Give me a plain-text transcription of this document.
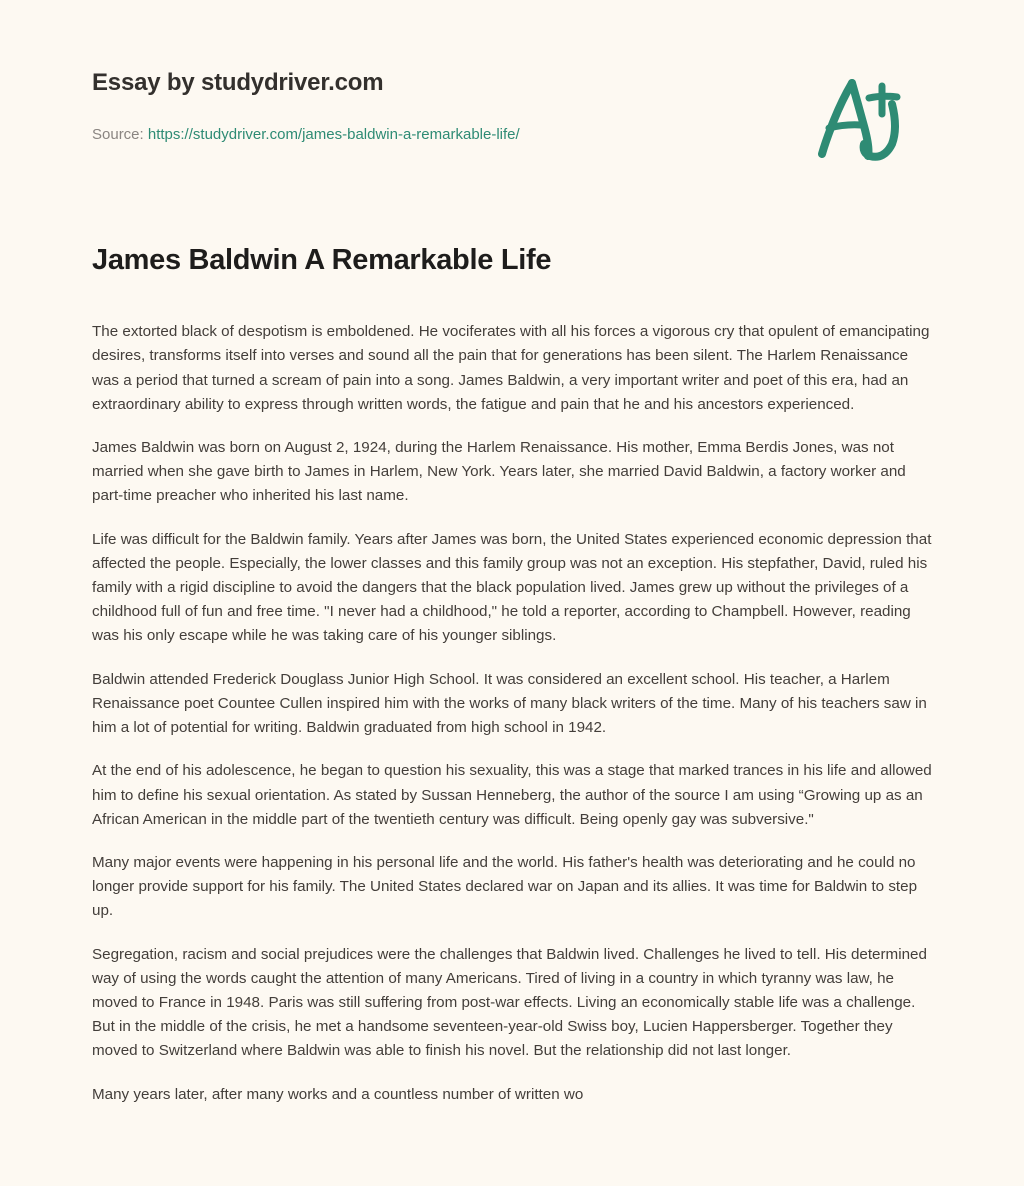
Essay by studydriver.com
Source: https://studydriver.com/james-baldwin-a-remarkable-life/
James Baldwin A Remarkable Life

The extorted black of despotism is emboldened. He vociferates with all his forces a vigorous cry that opulent of emancipating desires, transforms itself into verses and sound all the pain that for generations has been silent. The Harlem Renaissance was a period that turned a scream of pain into a song. James Baldwin, a very important writer and poet of this era, had an extraordinary ability to express through written words, the fatigue and pain that he and his ancestors experienced.

James Baldwin was born on August 2, 1924, during the Harlem Renaissance. His mother, Emma Berdis Jones, was not married when she gave birth to James in Harlem, New York. Years later, she married David Baldwin, a factory worker and part-time preacher who inherited his last name.

Life was difficult for the Baldwin family. Years after James was born, the United States experienced economic depression that affected the people. Especially, the lower classes and this family group was not an exception. His stepfather, David, ruled his family with a rigid discipline to avoid the dangers that the black population lived. James grew up without the privileges of a childhood full of fun and free time. "I never had a childhood," he told a reporter, according to Champbell. However, reading was his only escape while he was taking care of his younger siblings.

Baldwin attended Frederick Douglass Junior High School. It was considered an excellent school. His teacher, a Harlem Renaissance poet Countee Cullen inspired him with the works of many black writers of the time. Many of his teachers saw in him a lot of potential for writing. Baldwin graduated from high school in 1942.

At the end of his adolescence, he began to question his sexuality, this was a stage that marked trances in his life and allowed him to define his sexual orientation. As stated by Sussan Henneberg, the author of the source I am using “Growing up as an African American in the middle part of the twentieth century was difficult. Being openly gay was subversive."

Many major events were happening in his personal life and the world. His father's health was deteriorating and he could no longer provide support for his family. The United States declared war on Japan and its allies. It was time for Baldwin to step up.

Segregation, racism and social prejudices were the challenges that Baldwin lived. Challenges he lived to tell. His determined way of using the words caught the attention of many Americans. Tired of living in a country in which tyranny was law, he moved to France in 1948. Paris was still suffering from post-war effects. Living an economically stable life was a challenge. But in the middle of the crisis, he met a handsome seventeen-year-old Swiss boy, Lucien Happersberger. Together they moved to Switzerland where Baldwin was able to finish his novel. But the relationship did not last longer.

Many years later, after many works and a countless number of written wo
